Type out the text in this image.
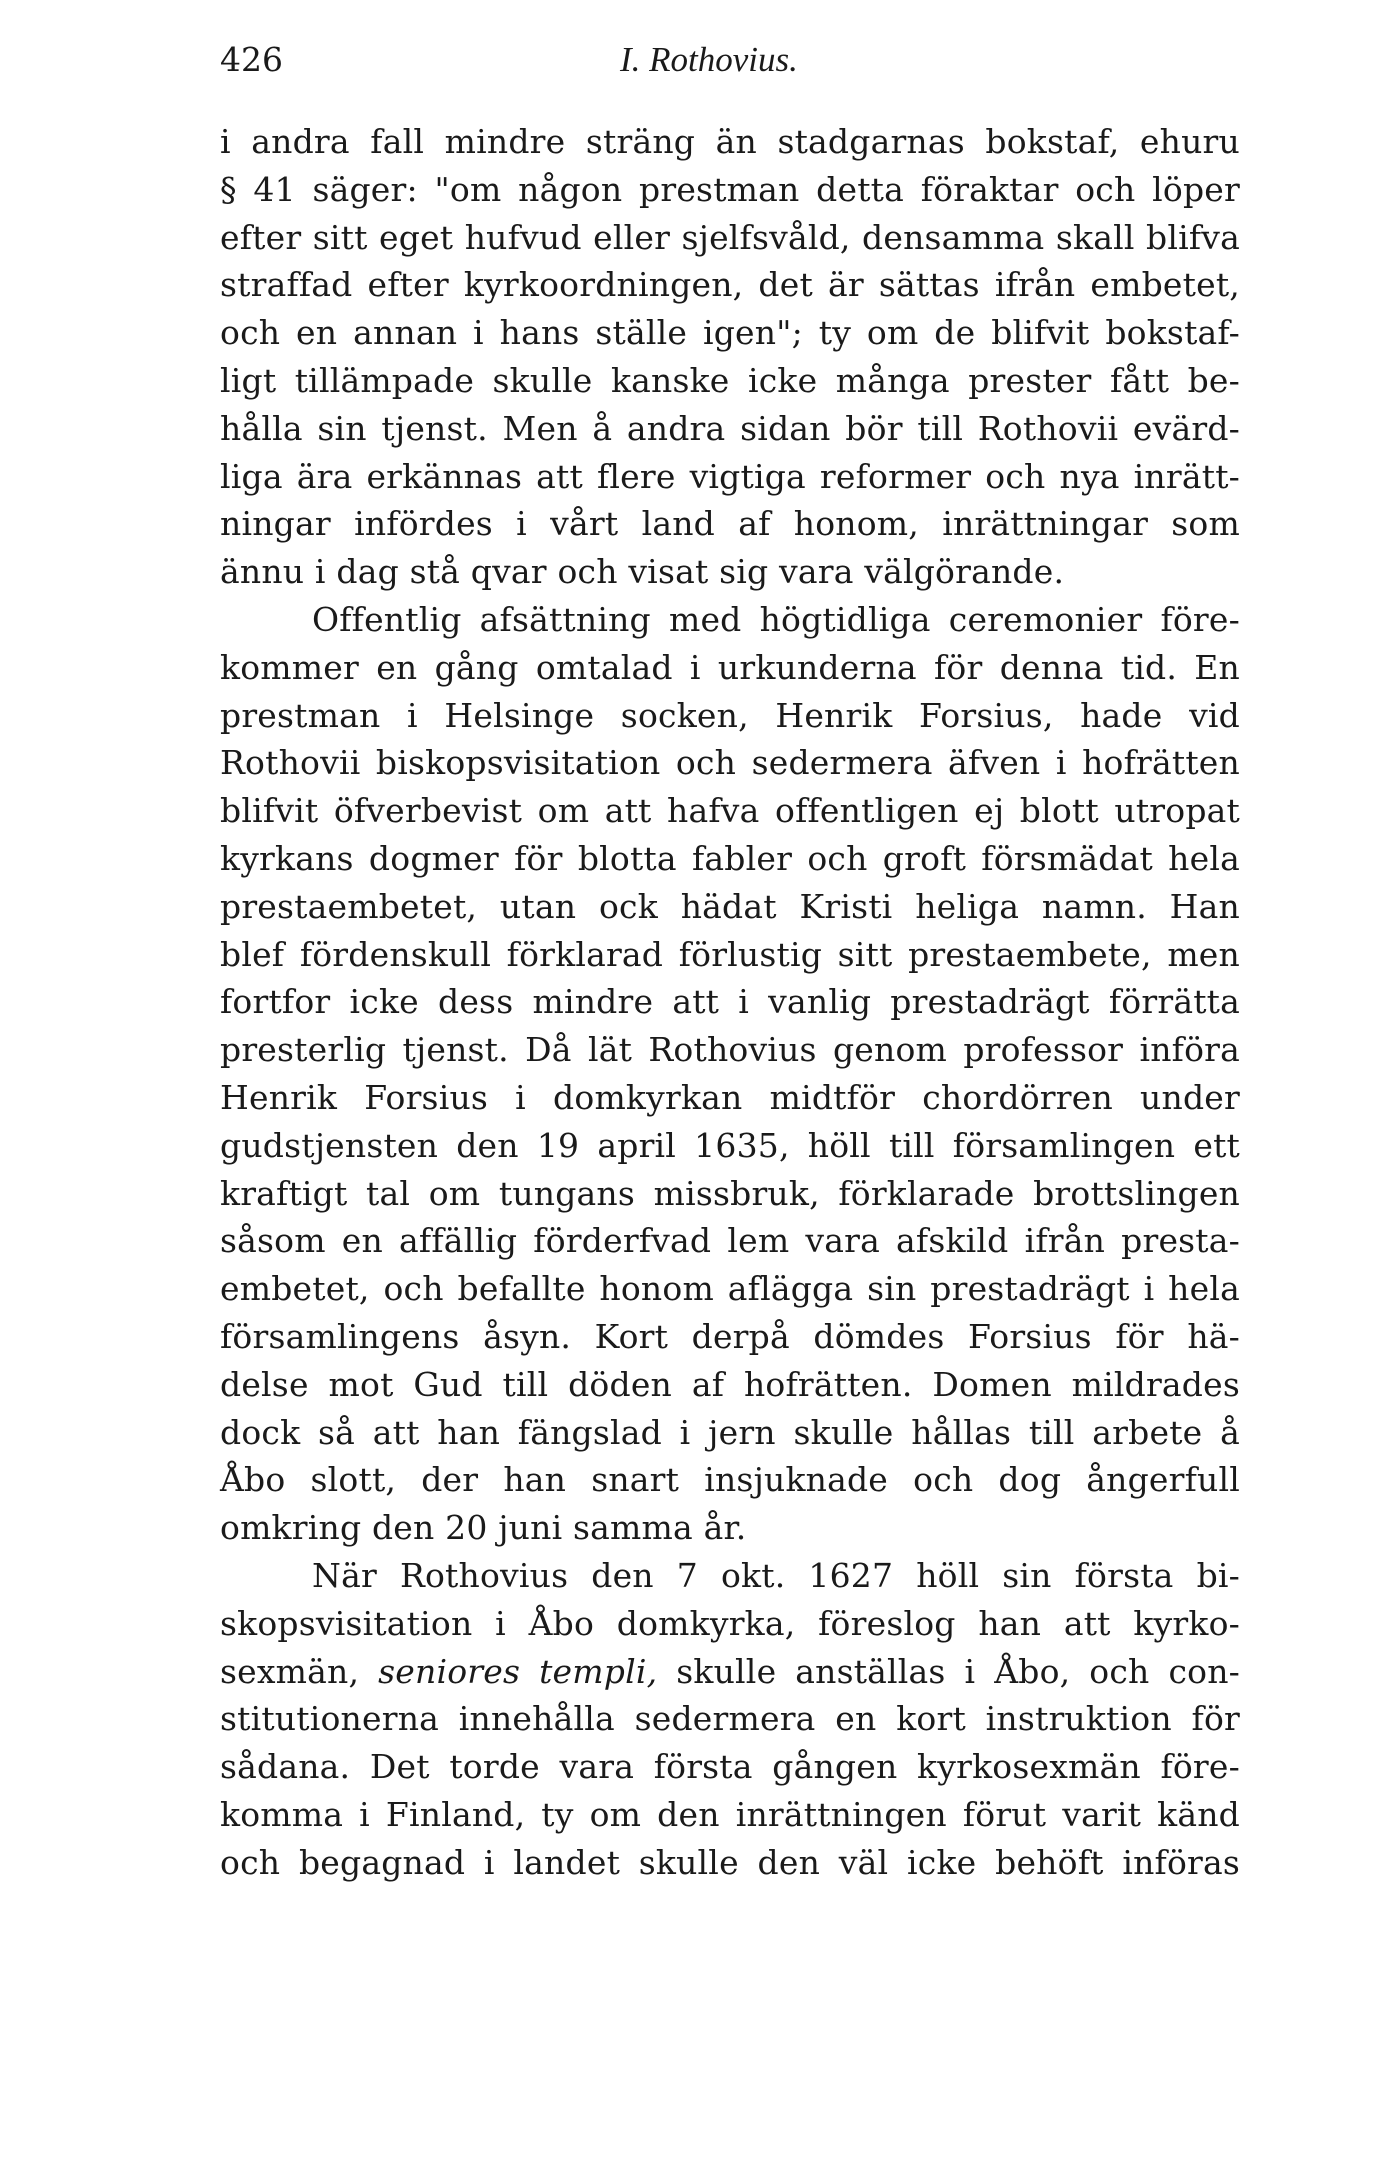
426	I. Rothovius.
i andra fall mindre sträng än stadgarnas bokstaf, ehuru
§ 41 säger: "om någon prestman detta föraktar och löper
efter sitt eget hufvud eller sjelfsvåld, densamma skall blifva
straffad efter kyrkoordningen, det är sättas ifrån embetet,
och en annan i hans ställe igen"; ty om de blifvit bokstaf-
ligt tillämpade skulle kanske icke många prester fått be-
hålla sin tjenst. Men å andra sidan bör till Rothovii evärd-
liga ära erkännas att flere vigtiga reformer och nya inrätt-
ningar infördes i vårt land af honom, inrättningar som
ännu i dag stå qvar och visat sig vara välgörande.
Offentlig afsättning med högtidliga ceremonier före-
kommer en gång omtalad i urkunderna för denna tid. En
prestman i Helsinge socken, Henrik Forsius, hade vid
Rothovii biskopsvisitation och sedermera äfven i hofrätten
blifvit öfverbevist om att hafva offentligen ej blott utropat
kyrkans dogmer för blotta fabler och groft försmädat hela
prestaembetet, utan ock hädat Kristi heliga namn. Han
blef fördenskull förklarad förlustig sitt prestaembete, men
fortfor icke dess mindre att i vanlig prestadrägt förrätta
presterlig tjenst. Då lät Rothovius genom professor införa
Henrik Forsius i domkyrkan midtför chordörren under
gudstjensten den 19 april 1635, höll till församlingen ett
kraftigt tal om tungans missbruk, förklarade brottslingen
såsom en affällig förderfvad lem vara afskild ifrån presta-
embetet, och befallte honom aflägga sin prestadrägt i hela
församlingens åsyn. Kort derpå dömdes Forsius för hä-
delse mot Gud till döden af hofrätten. Domen mildrades
dock så att han fängslad i jern skulle hållas till arbete å
Åbo slott, der han snart insjuknade och dog ångerfull
omkring den 20 juni samma år.
När Rothovius den 7 okt. 1627 höll sin första bi-
skopsvisitation i Åbo domkyrka, föreslog han att kyrko-
sexmän, seniores templi, skulle anställas i Åbo, och con-
stitutionerna innehålla sedermera en kort instruktion för
sådana. Det torde vara första gången kyrkosexmän före-
komma i Finland, ty om den inrättningen förut varit känd
och begagnad i landet skulle den väl icke behöft införas
